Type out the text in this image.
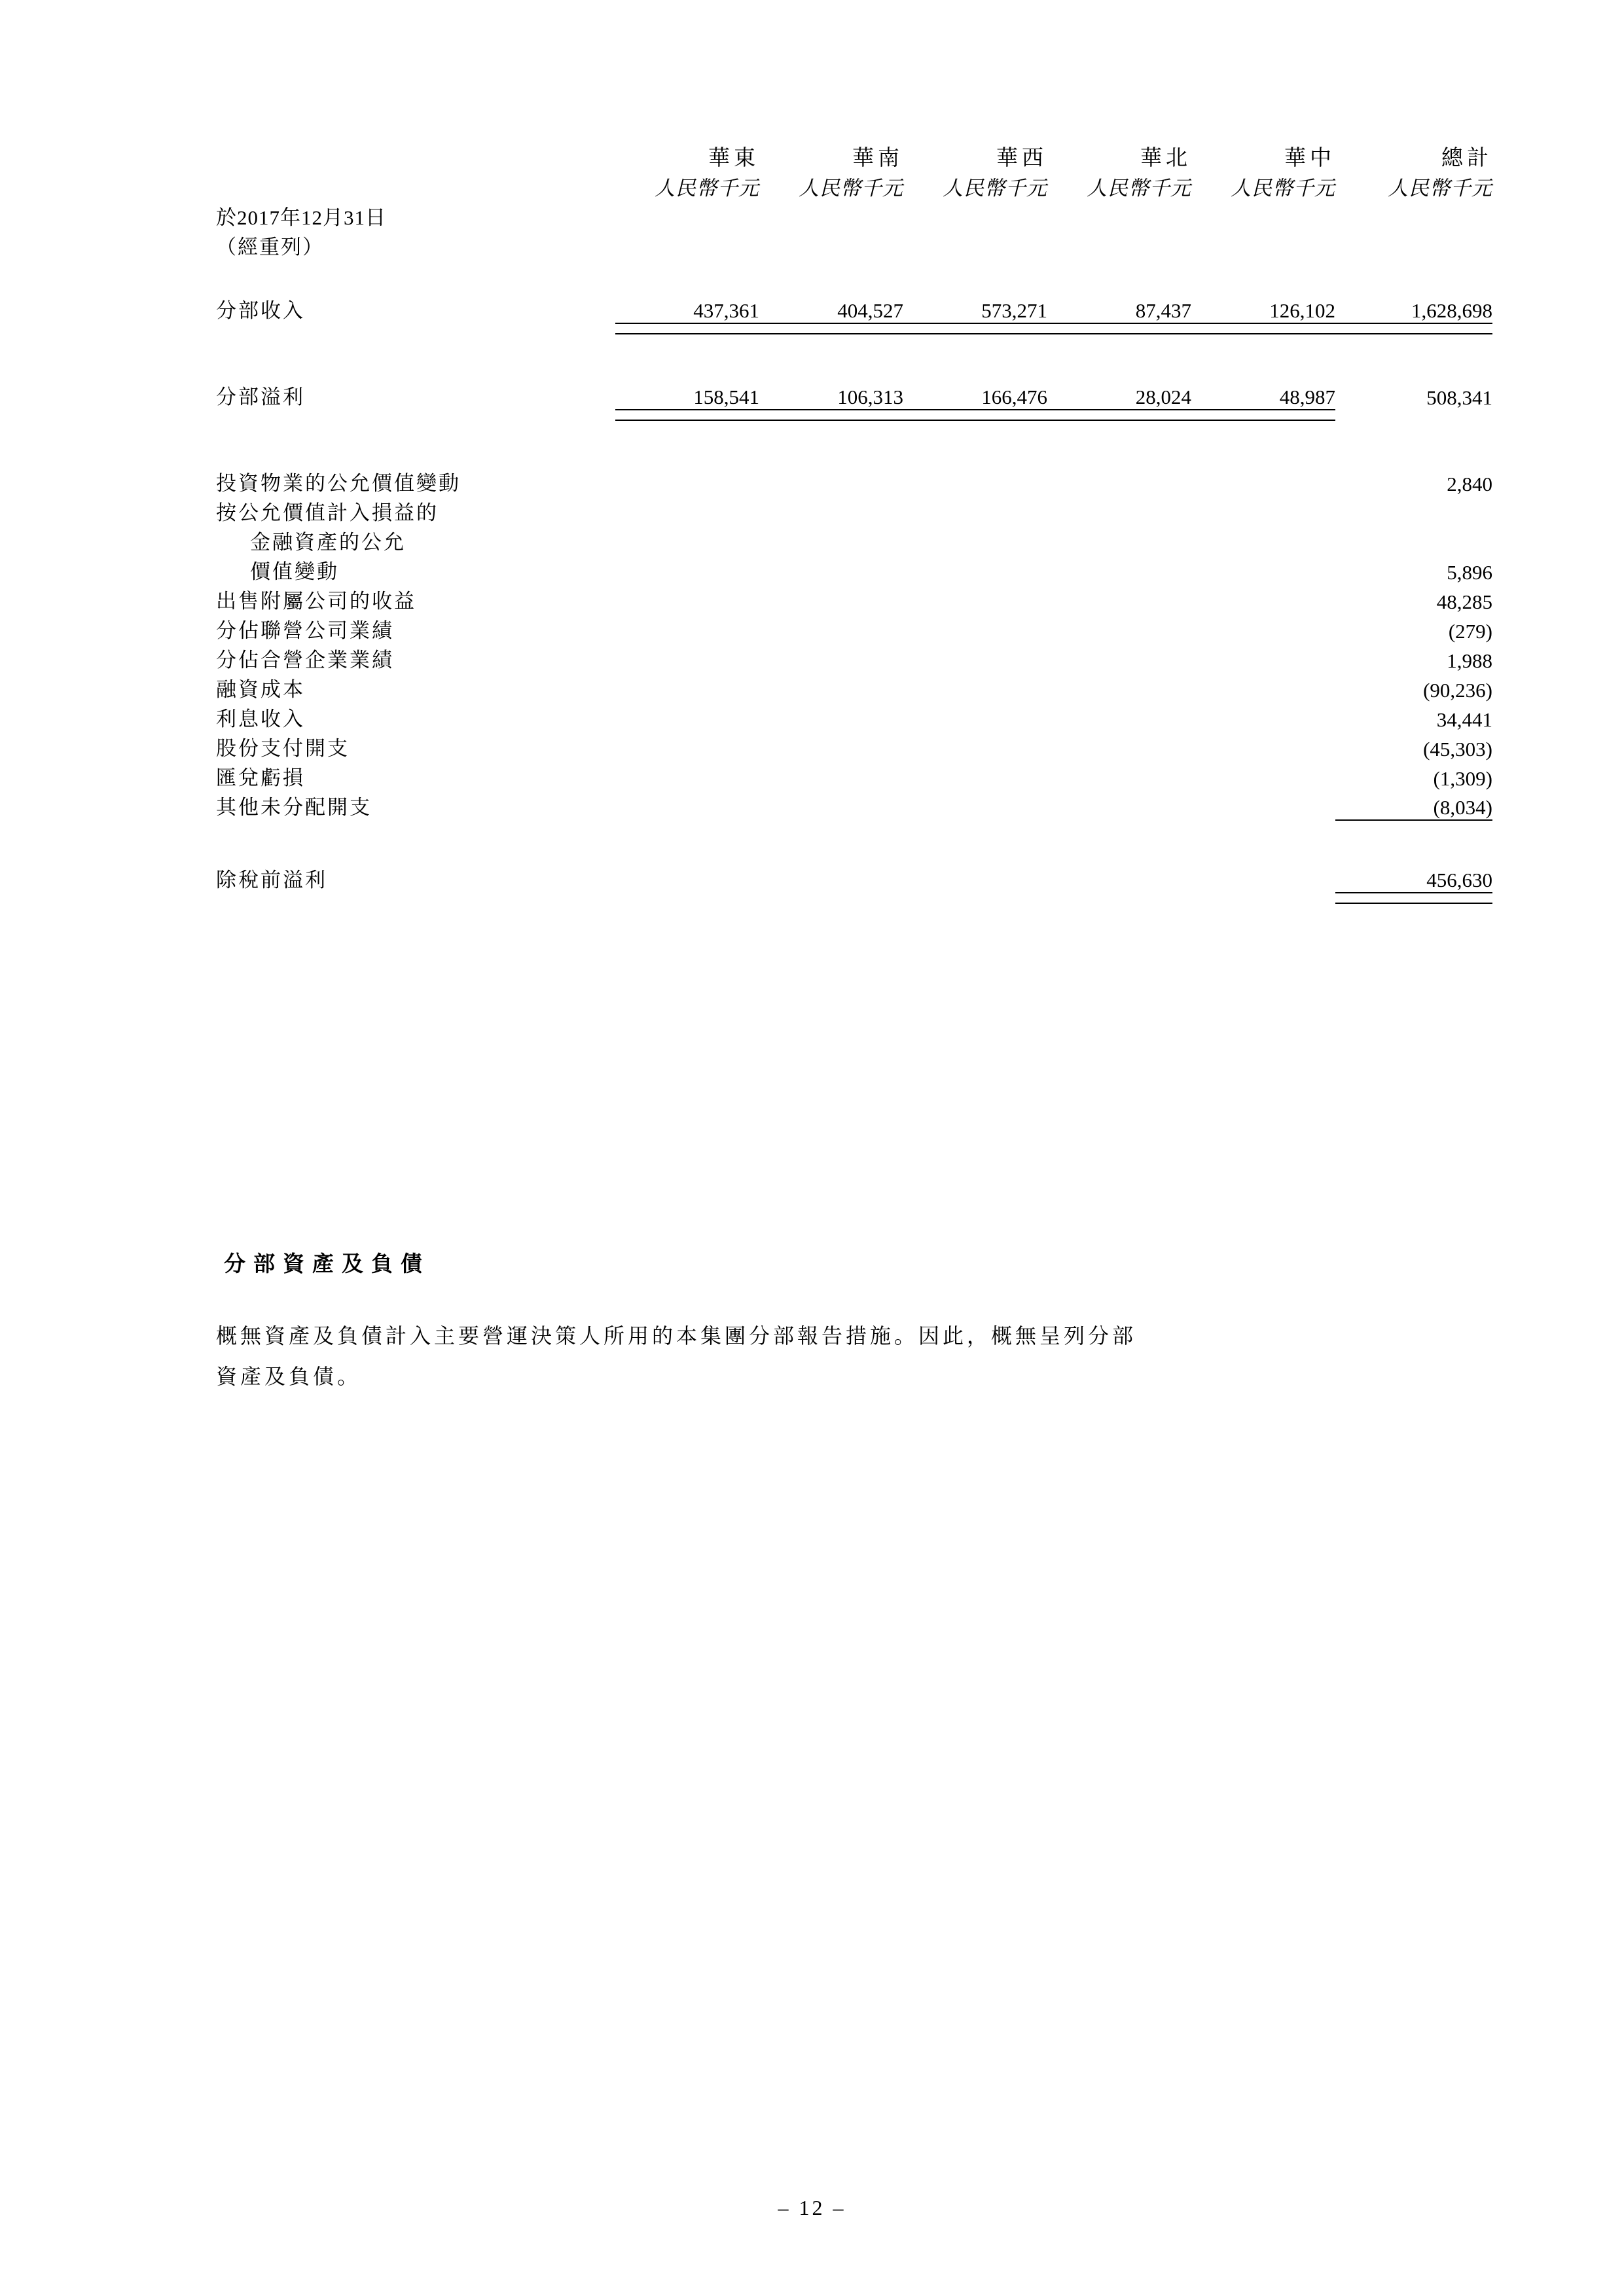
	華東	華南	華西	華北	華中	總計
	人民幣千元	人民幣千元	人民幣千元	人民幣千元	人民幣千元	人民幣千元
於2017年12月31日						
（經重列）						

分部收入	437,361	404,527	573,271	87,437	126,102	1,628,698

分部溢利	158,541	106,313	166,476	28,024	48,987	508,341

投資物業的公允價值變動						2,840
按公允價值計入損益的						
金融資產的公允						
價值變動						5,896
出售附屬公司的收益						48,285
分佔聯營公司業績						(279)
分佔合營企業業績						1,988
融資成本						(90,236)
利息收入						34,441
股份支付開支						(45,303)
匯兌虧損						(1,309)
其他未分配開支						(8,034)

除稅前溢利						456,630

分部資產及負債
概無資產及負債計入主要營運決策人所用的本集團分部報告措施。因此，概無呈列分部
資產及負債。
– 12 –
